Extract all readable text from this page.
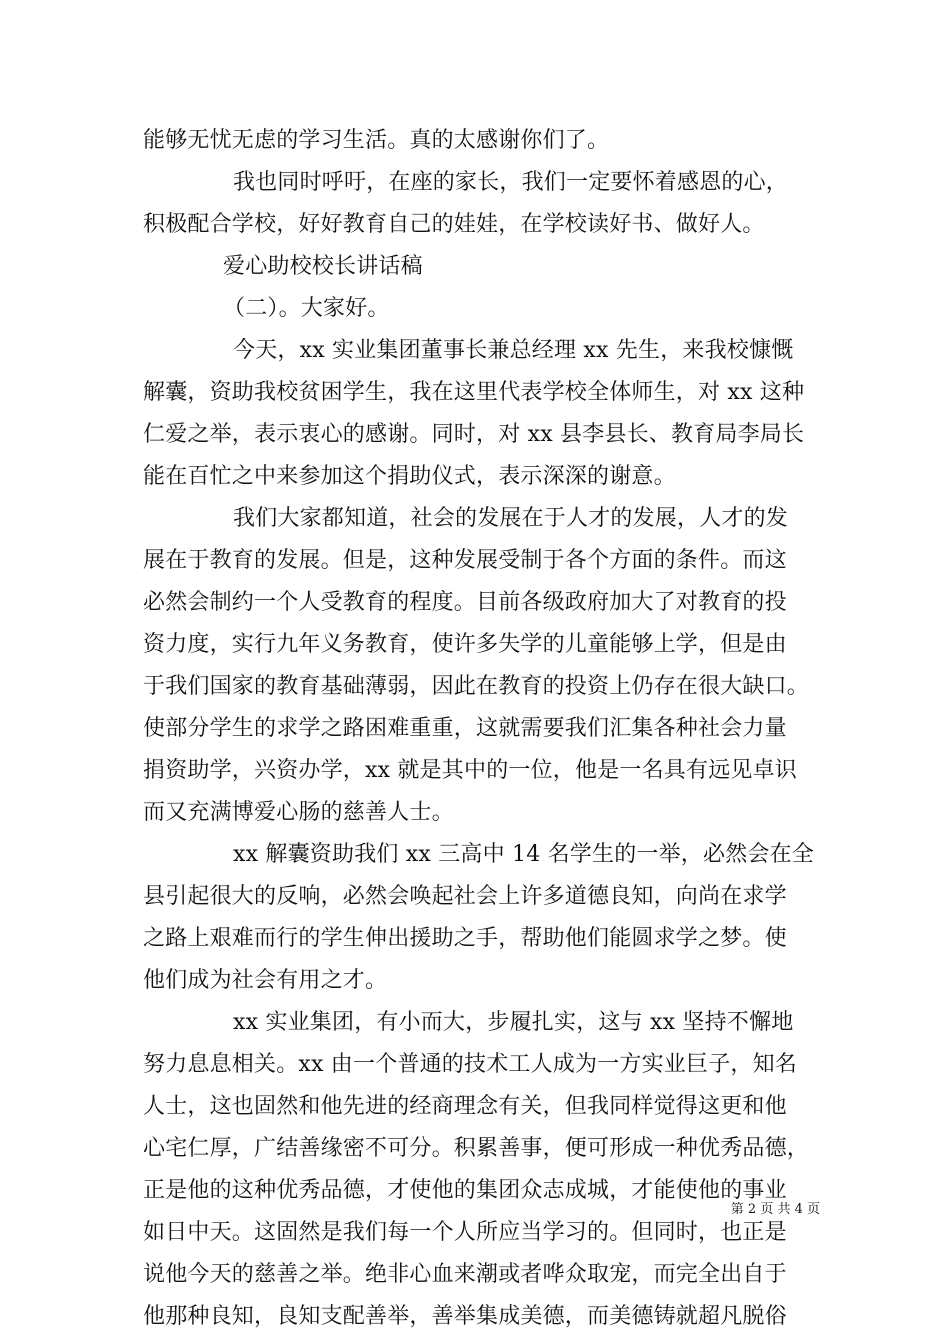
能够无忧无虑的学习生活。真的太感谢你们了。
我也同时呼吁，在座的家长，我们一定要怀着感恩的心，
积极配合学校，好好教育自己的娃娃，在学校读好书、做好人。
爱心助校校长讲话稿
（二）。大家好。
今天，xx 实业集团董事长兼总经理 xx 先生，来我校慷慨
解囊，资助我校贫困学生，我在这里代表学校全体师生，对 xx 这种
仁爱之举，表示衷心的感谢。同时，对 xx 县李县长、教育局李局长
能在百忙之中来参加这个捐助仪式，表示深深的谢意。
我们大家都知道，社会的发展在于人才的发展，人才的发
展在于教育的发展。但是，这种发展受制于各个方面的条件。而这
必然会制约一个人受教育的程度。目前各级政府加大了对教育的投
资力度，实行九年义务教育，使许多失学的儿童能够上学，但是由
于我们国家的教育基础薄弱，因此在教育的投资上仍存在很大缺口。
使部分学生的求学之路困难重重，这就需要我们汇集各种社会力量
捐资助学，兴资办学，xx 就是其中的一位，他是一名具有远见卓识
而又充满博爱心肠的慈善人士。
xx 解囊资助我们 xx 三高中 14 名学生的一举，必然会在全
县引起很大的反响，必然会唤起社会上许多道德良知，向尚在求学
之路上艰难而行的学生伸出援助之手，帮助他们能圆求学之梦。使
他们成为社会有用之才。
xx 实业集团，有小而大，步履扎实，这与 xx 坚持不懈地
努力息息相关。xx 由一个普通的技术工人成为一方实业巨子，知名
人士，这也固然和他先进的经商理念有关，但我同样觉得这更和他
心宅仁厚，广结善缘密不可分。积累善事，便可形成一种优秀品德，
正是他的这种优秀品德，才使他的集团众志成城，才能使他的事业
如日中天。这固然是我们每一个人所应当学习的。但同时，也正是
说他今天的慈善之举。绝非心血来潮或者哗众取宠，而完全出自于
他那种良知，良知支配善举，善举集成美德，而美德铸就超凡脱俗
第 2 页 共 4 页
